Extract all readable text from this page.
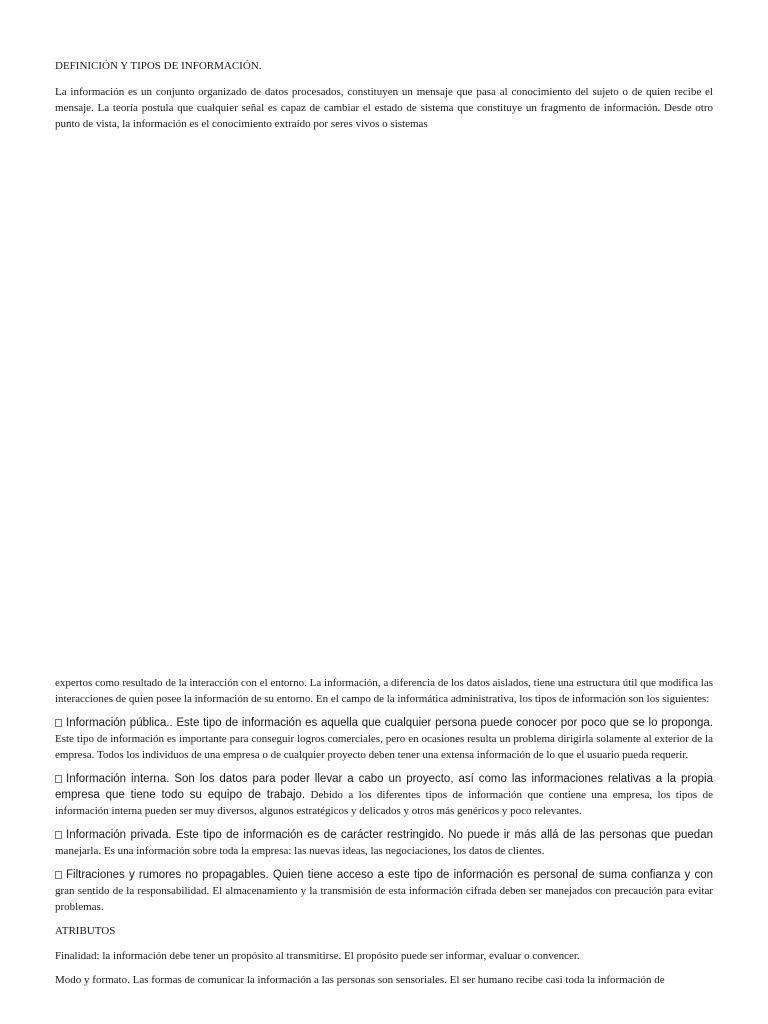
DEFINICIÓN Y TIPOS DE INFORMACIÓN.

La información es un conjunto organizado de datos procesados, constituyen un mensaje que pasa al conocimiento del sujeto o de quien recibe el mensaje. La teoría postula que cualquier señal es capaz de cambiar el estado de sistema que constituye un fragmento de información. Desde otro punto de vista, la información es el conocimiento extraído por seres vivos o sistemas

expertos como resultado de la interacción con el entorno. La información, a diferencia de los datos aislados, tiene una estructura útil que modifica las interacciones de quien posee la información de su entorno. En el campo de la informática administrativa, los tipos de información son los siguientes:

Información pública.. Este tipo de información es aquella que cualquier persona puede conocer por poco que se lo proponga. Este tipo de información es importante para conseguir logros comerciales, pero en ocasiones resulta un problema dirigirla solamente al exterior de la empresa. Todos los individuos de una empresa o de cualquier proyecto deben tener una extensa información de lo que el usuario pueda requerir.

Información interna. Son los datos para poder llevar a cabo un proyecto, así como las informaciones relativas a la propia empresa que tiene todo su equipo de trabajo. Debido a los diferentes tipos de información que contiene una empresa, los tipos de información interna pueden ser muy diversos, algunos estratégicos y delicados y otros más genéricos y poco relevantes.

Información privada. Este tipo de información es de carácter restringido. No puede ir más allá de las personas que puedan manejarla. Es una información sobre toda la empresa: las nuevas ideas, las negociaciones, los datos de clientes.

Filtraciones y rumores no propagables. Quien tiene acceso a este tipo de información es personal de suma confianza y con gran sentido de la responsabilidad. El almacenamiento y la transmisión de esta información cifrada deben ser manejados con precaución para evitar problemas.

ATRIBUTOS

Finalidad: la información debe tener un propósito al transmitirse. El propósito puede ser informar, evaluar o convencer.

Modo y formato. Las formas de comunicar la información a las personas son sensoriales. El ser humano recibe casi toda la información de
